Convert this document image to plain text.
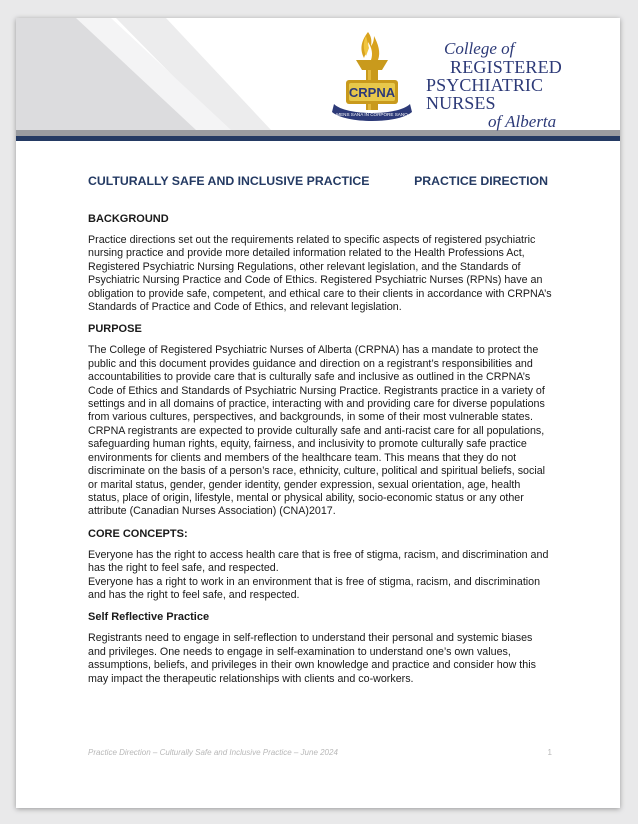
CRPNA
MENS SANA IN CORPORE SANO
College of
REGISTERED
PSYCHIATRIC NURSES
of Alberta
CULTURALLY SAFE AND INCLUSIVE PRACTICE	PRACTICE DIRECTION
BACKGROUND

Practice directions set out the requirements related to specific aspects of registered psychiatric nursing practice and provide more detailed information related to the Health Professions Act, Registered Psychiatric Nursing Regulations, other relevant legislation, and the Standards of Psychiatric Nursing Practice and Code of Ethics. Registered Psychiatric Nurses (RPNs) have an obligation to provide safe, competent, and ethical care to their clients in accordance with CRPNA’s Standards of Practice and Code of Ethics, and relevant legislation.

PURPOSE

The College of Registered Psychiatric Nurses of Alberta (CRPNA) has a mandate to protect the public and this document provides guidance and direction on a registrant’s responsibilities and accountabilities to provide care that is culturally safe and inclusive as outlined in the CRPNA’s Code of Ethics and Standards of Psychiatric Nursing Practice. Registrants practice in a variety of settings and in all domains of practice, interacting with and providing care for diverse populations from various cultures, perspectives, and backgrounds, in some of their most vulnerable states. CRPNA registrants are expected to provide culturally safe and anti-racist care for all populations, safeguarding human rights, equity, fairness, and inclusivity to promote culturally safe practice environments for clients and members of the healthcare team. This means that they do not discriminate on the basis of a person’s race, ethnicity, culture, political and spiritual beliefs, social or marital status, gender, gender identity, gender expression, sexual orientation, age, health status, place of origin, lifestyle, mental or physical ability, socio-economic status or any other attribute (Canadian Nurses Association) (CNA)2017.

CORE CONCEPTS:

Everyone has the right to access health care that is free of stigma, racism, and discrimination and has the right to feel safe, and respected.

Everyone has a right to work in an environment that is free of stigma, racism, and discrimination and has the right to feel safe, and respected.

Self Reflective Practice

Registrants need to engage in self-reflection to understand their personal and systemic biases and privileges. One needs to engage in self-examination to understand one’s own values, assumptions, beliefs, and privileges in their own knowledge and practice and consider how this may impact the therapeutic relationships with clients and co-workers.

Practice Direction – Culturally Safe and Inclusive Practice – June 2024	1
